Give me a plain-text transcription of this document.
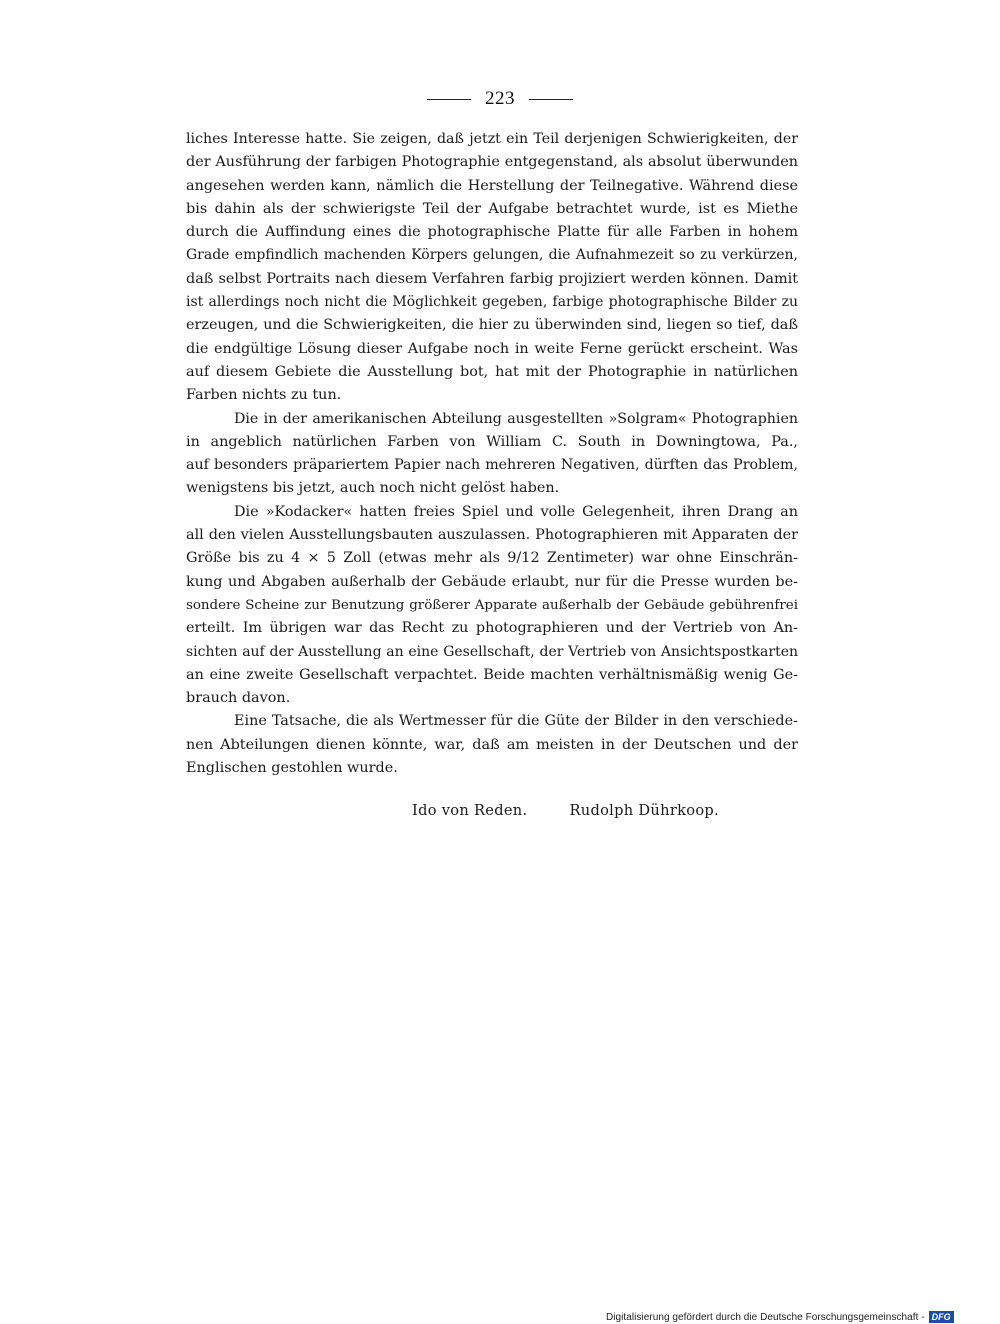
223
liches Interesse hatte. Sie zeigen, daß jetzt ein Teil derjenigen Schwierigkeiten, der
der Ausführung der farbigen Photographie entgegenstand, als absolut überwunden
angesehen werden kann, nämlich die Herstellung der Teilnegative. Während diese
bis dahin als der schwierigste Teil der Aufgabe betrachtet wurde, ist es Miethe
durch die Auffindung eines die photographische Platte für alle Farben in hohem
Grade empfindlich machenden Körpers gelungen, die Aufnahmezeit so zu verkürzen,
daß selbst Portraits nach diesem Verfahren farbig projiziert werden können. Damit
ist allerdings noch nicht die Möglichkeit gegeben, farbige photographische Bilder zu
erzeugen, und die Schwierigkeiten, die hier zu überwinden sind, liegen so tief, daß
die endgültige Lösung dieser Aufgabe noch in weite Ferne gerückt erscheint. Was
auf diesem Gebiete die Ausstellung bot, hat mit der Photographie in natürlichen
Farben nichts zu tun.
Die in der amerikanischen Abteilung ausgestellten »Solgram« Photographien
in angeblich natürlichen Farben von William C. South in Downingtowa, Pa.,
auf besonders präpariertem Papier nach mehreren Negativen, dürften das Problem,
wenigstens bis jetzt, auch noch nicht gelöst haben.
Die »Kodacker« hatten freies Spiel und volle Gelegenheit, ihren Drang an
all den vielen Ausstellungsbauten auszulassen. Photographieren mit Apparaten der
Größe bis zu 4 × 5 Zoll (etwas mehr als 9/12 Zentimeter) war ohne Einschrän-
kung und Abgaben außerhalb der Gebäude erlaubt, nur für die Presse wurden be-
sondere Scheine zur Benutzung größerer Apparate außerhalb der Gebäude gebührenfrei
erteilt. Im übrigen war das Recht zu photographieren und der Vertrieb von An-
sichten auf der Ausstellung an eine Gesellschaft, der Vertrieb von Ansichtspostkarten
an eine zweite Gesellschaft verpachtet. Beide machten verhältnismäßig wenig Ge-
brauch davon.
Eine Tatsache, die als Wertmesser für die Güte der Bilder in den verschiede-
nen Abteilungen dienen könnte, war, daß am meisten in der Deutschen und der
Englischen gestohlen wurde.
Ido von Reden.	Rudolph Dührkoop.
Digitalisierung gefördert durch die Deutsche Forschungsgemeinschaft - DFG
